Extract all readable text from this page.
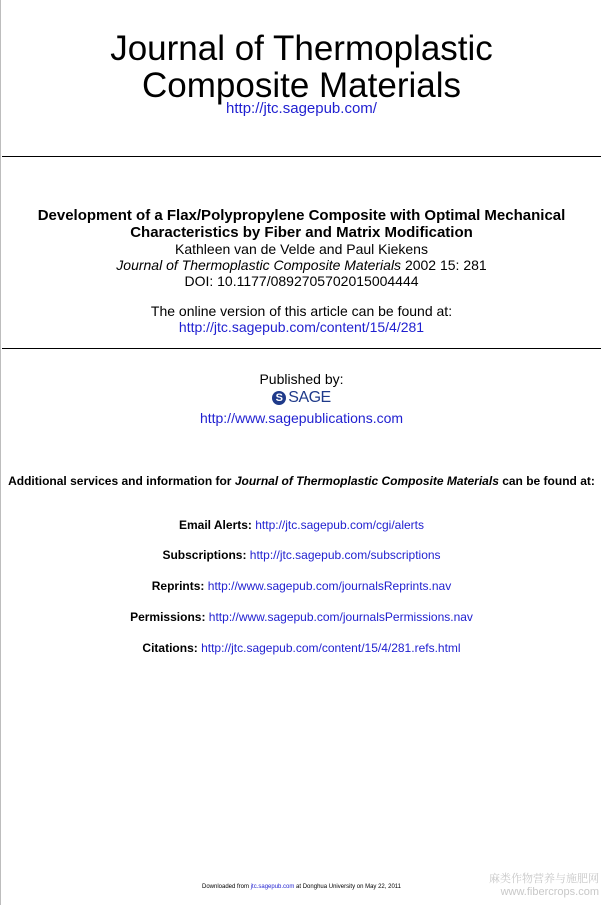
Journal of Thermoplastic
Composite Materials
http://jtc.sagepub.com/
Development of a Flax/Polypropylene Composite with Optimal Mechanical
Characteristics by Fiber and Matrix Modification
Kathleen van de Velde and Paul Kiekens
Journal of Thermoplastic Composite Materials 2002 15: 281
DOI: 10.1177/0892705702015004444
The online version of this article can be found at:
http://jtc.sagepub.com/content/15/4/281
Published by:
S SAGE
http://www.sagepublications.com
Additional services and information for Journal of Thermoplastic Composite Materials can be found at:
Email Alerts: http://jtc.sagepub.com/cgi/alerts
Subscriptions: http://jtc.sagepub.com/subscriptions
Reprints: http://www.sagepub.com/journalsReprints.nav
Permissions: http://www.sagepub.com/journalsPermissions.nav
Citations: http://jtc.sagepub.com/content/15/4/281.refs.html
Downloaded from jtc.sagepub.com at Donghua University on May 22, 2011
麻类作物营养与施肥网
www.fibercrops.com
